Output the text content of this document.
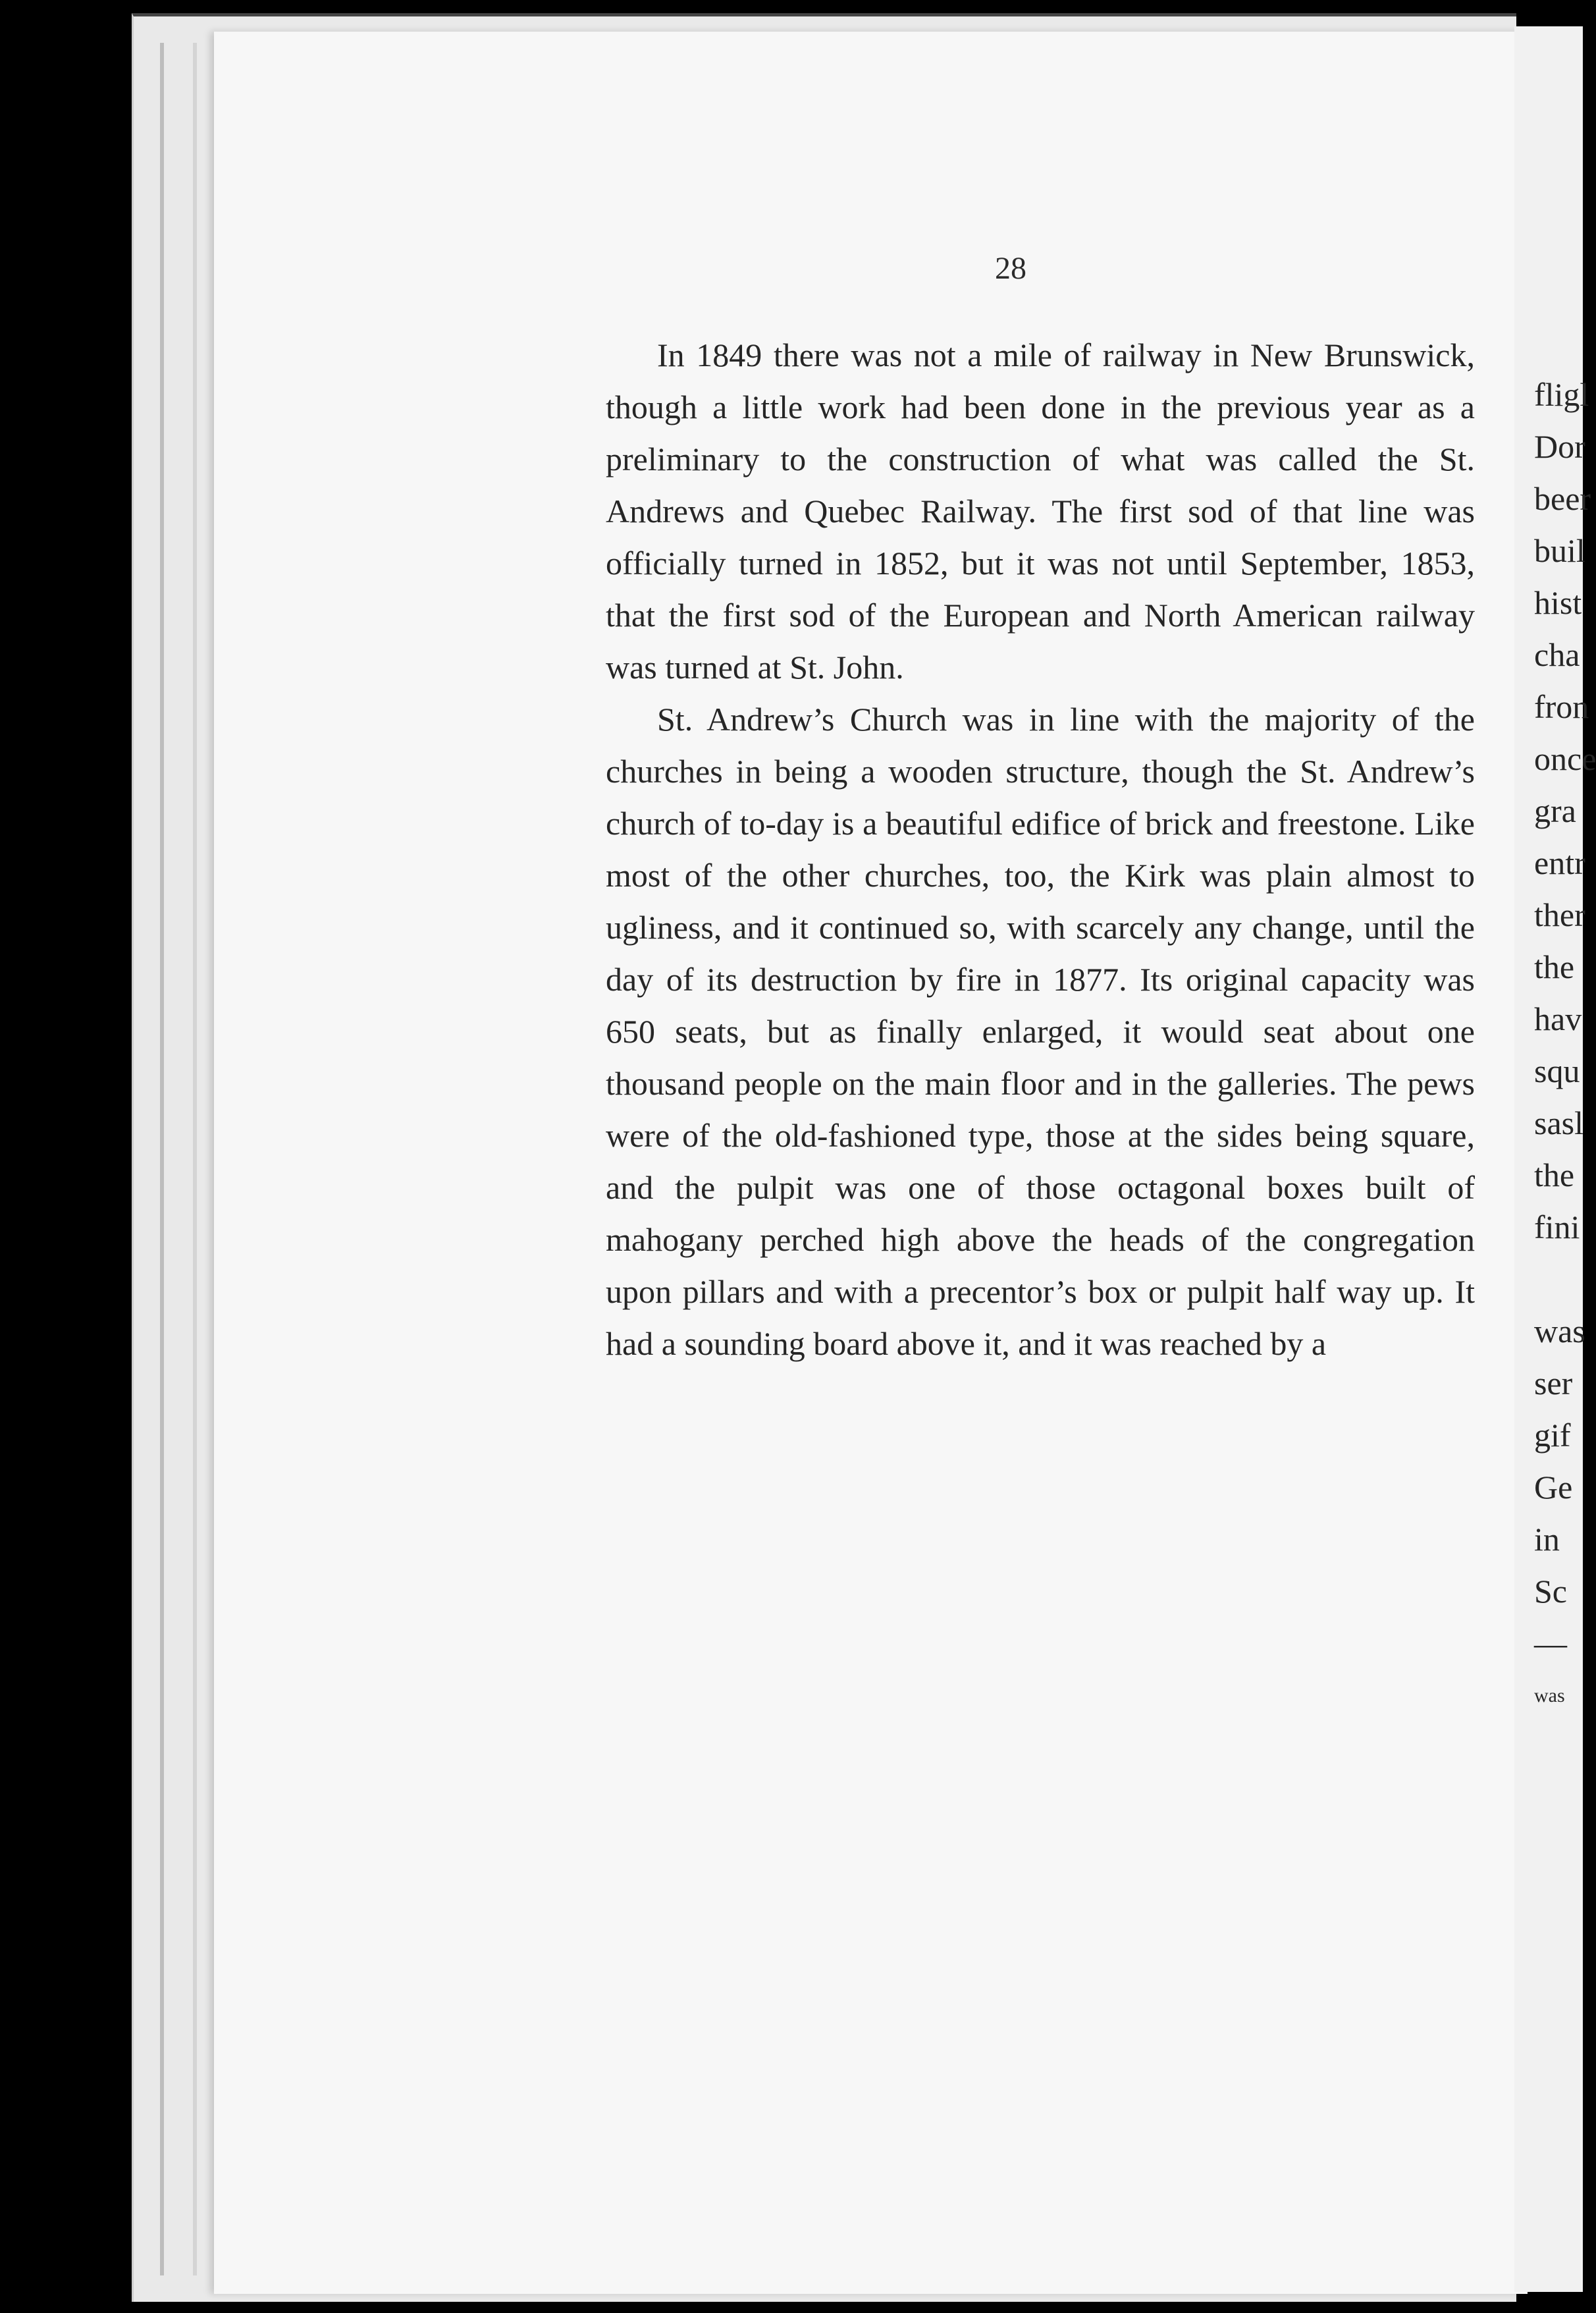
28

In 1849 there was not a mile of railway in New Brunswick, though a little work had been done in the previous year as a preliminary to the construction of what was called the St. Andrews and Quebec Railway. The first sod of that line was officially turned in 1852, but it was not until September, 1853, that the first sod of the European and North American railway was turned at St. John.

St. Andrew’s Church was in line with the majority of the churches in being a wooden structure, though the St. Andrew’s church of to-day is a beautiful edifice of brick and freestone. Like most of the other churches, too, the Kirk was plain almost to ugliness, and it continued so, with scarcely any change, until the day of its destruction by fire in 1877. Its original capacity was 650 seats, but as finally enlarged, it would seat about one thousand people on the main floor and in the galleries. The pews were of the old-fashioned type, those at the sides being square, and the pulpit was one of those octagonal boxes built of mahogany perched high above the heads of the congregation upon pillars and with a precentor’s box or pulpit half way up. It had a sounding board above it, and it was reached by a

fligl
Dor
beer
buil
hist
cha
fron
once
gra
entr
ther
the
hav
squ
sasl
the
fini
was
ser
gif
Ge
in
Sc
—
was
